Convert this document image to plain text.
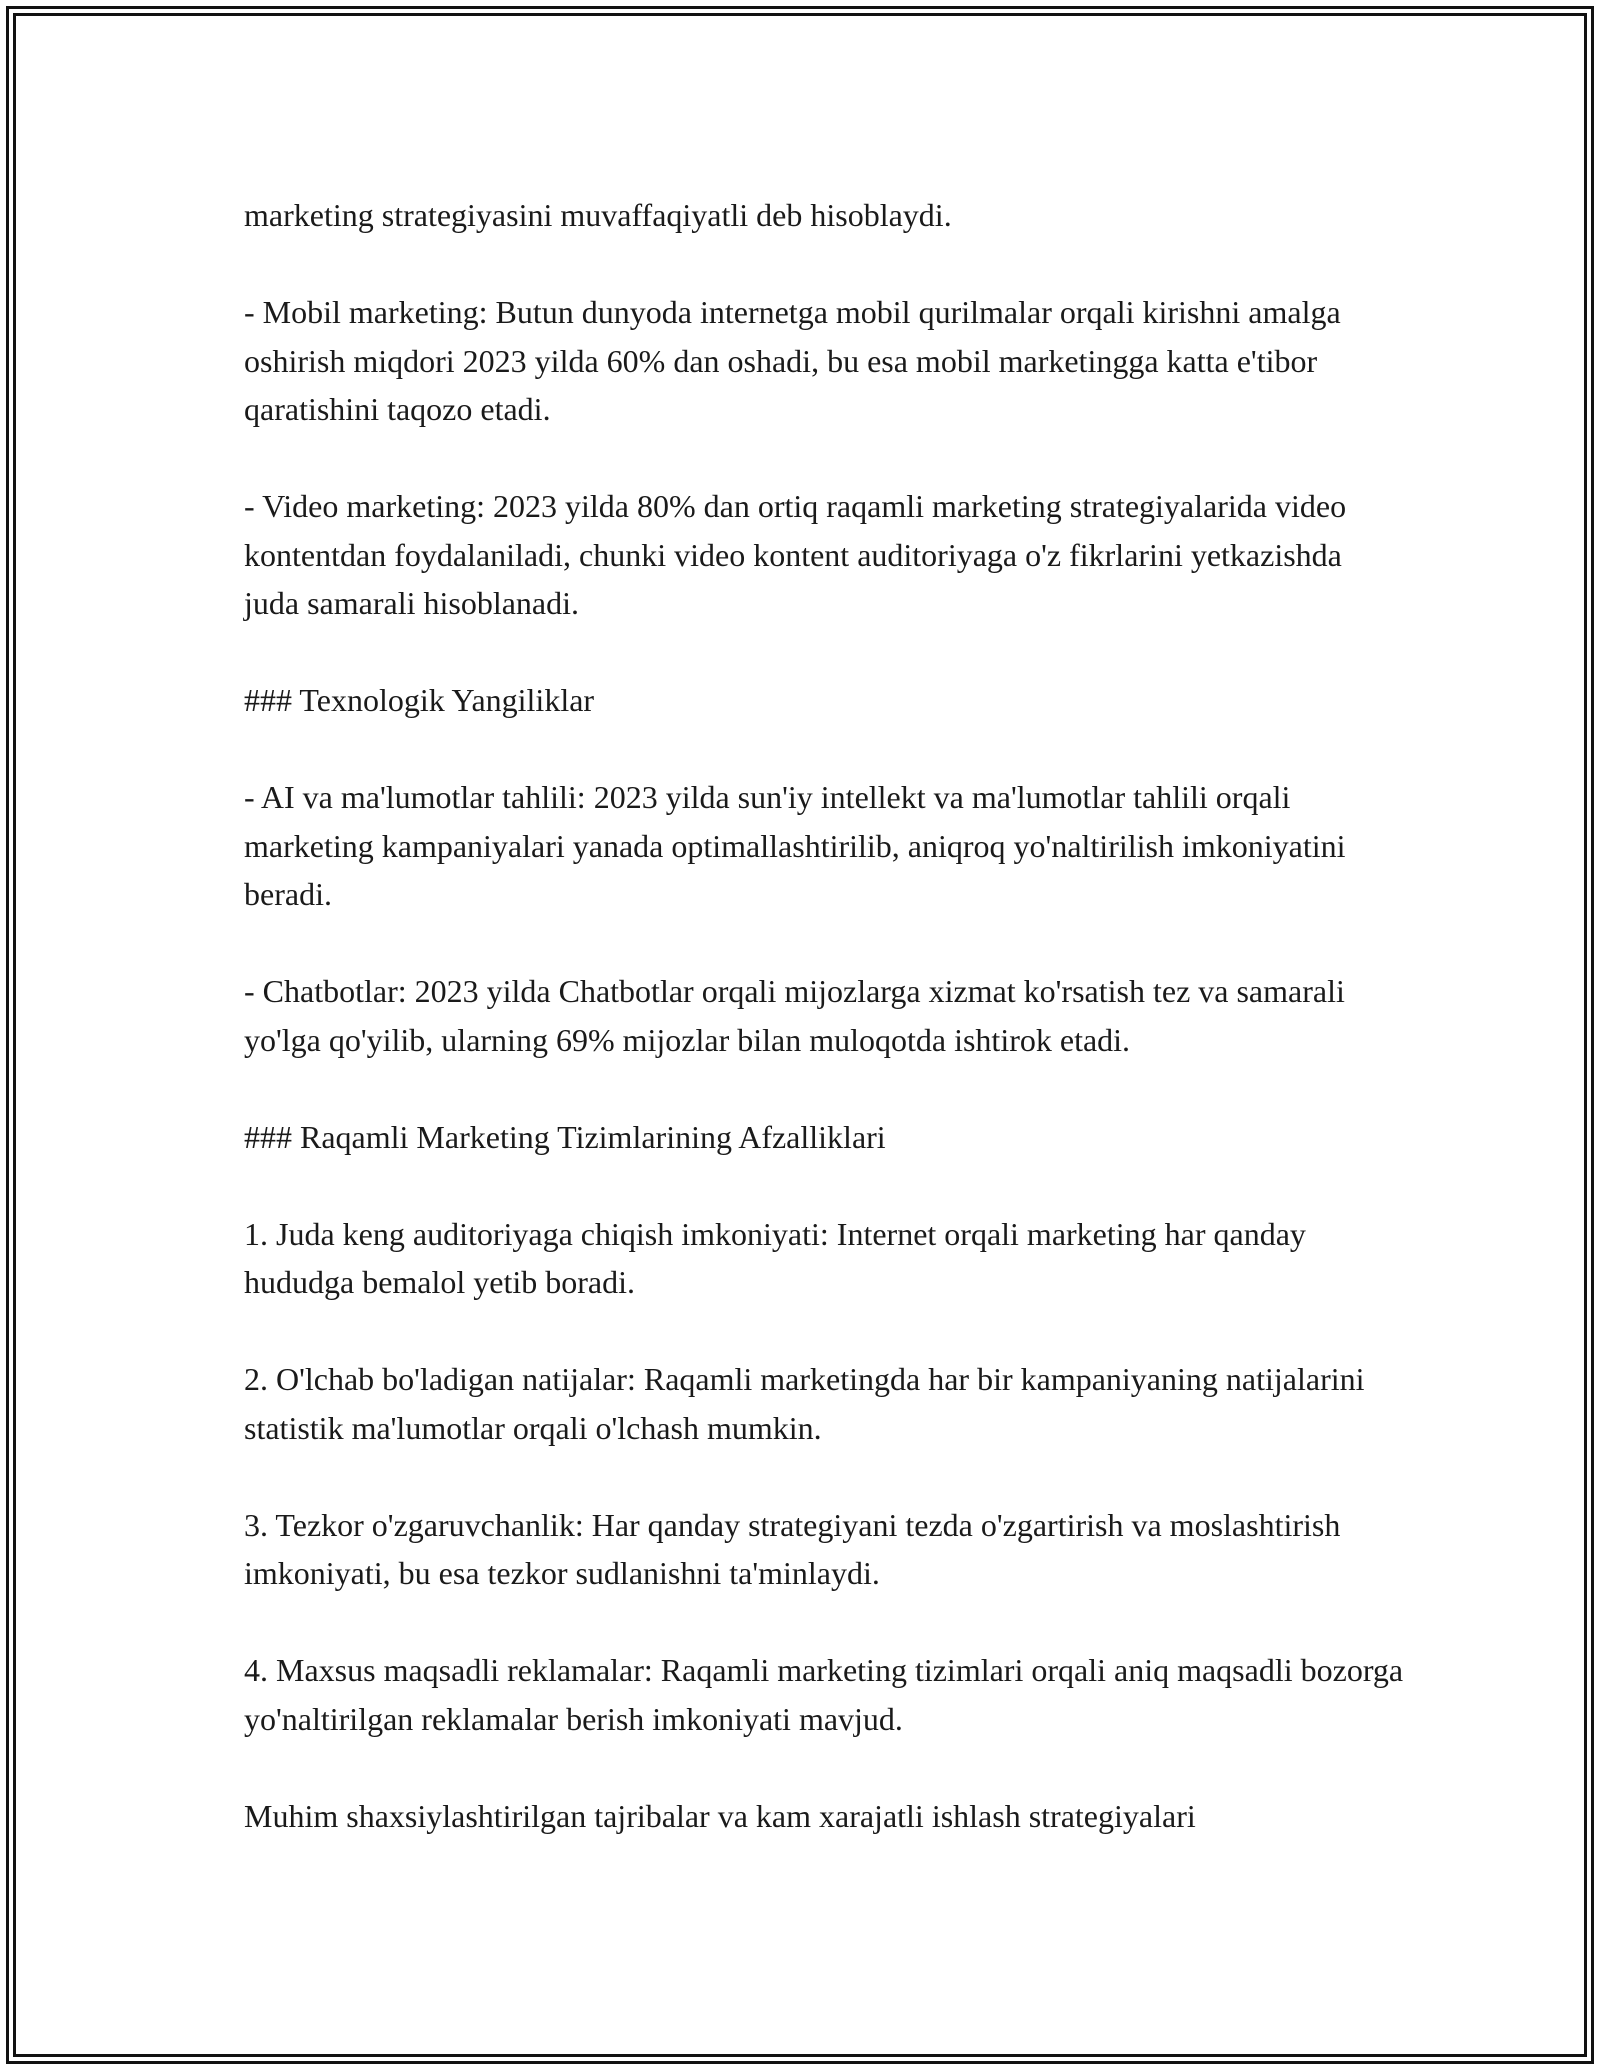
marketing strategiyasini muvaffaqiyatli deb hisoblaydi.

- Mobil marketing: Butun dunyoda internetga mobil qurilmalar orqali kirishni amalga oshirish miqdori 2023 yilda 60% dan oshadi, bu esa mobil marketingga katta e'tibor qaratishini taqozo etadi.

- Video marketing: 2023 yilda 80% dan ortiq raqamli marketing strategiyalarida video kontentdan foydalaniladi, chunki video kontent auditoriyaga o'z fikrlarini yetkazishda juda samarali hisoblanadi.

### Texnologik Yangiliklar

- AI va ma'lumotlar tahlili: 2023 yilda sun'iy intellekt va ma'lumotlar tahlili orqali marketing kampaniyalari yanada optimallashtirilib, aniqroq yo'naltirilish imkoniyatini beradi.

- Chatbotlar: 2023 yilda Chatbotlar orqali mijozlarga xizmat ko'rsatish tez va samarali yo'lga qo'yilib, ularning 69% mijozlar bilan muloqotda ishtirok etadi.

### Raqamli Marketing Tizimlarining Afzalliklari

1. Juda keng auditoriyaga chiqish imkoniyati: Internet orqali marketing har qanday hududga bemalol yetib boradi.

2. O'lchab bo'ladigan natijalar: Raqamli marketingda har bir kampaniyaning natijalarini statistik ma'lumotlar orqali o'lchash mumkin.

3. Tezkor o'zgaruvchanlik: Har qanday strategiyani tezda o'zgartirish va moslashtirish imkoniyati, bu esa tezkor sudlanishni ta'minlaydi.

4. Maxsus maqsadli reklamalar: Raqamli marketing tizimlari orqali aniq maqsadli bozorga yo'naltirilgan reklamalar berish imkoniyati mavjud.

Muhim shaxsiylashtirilgan tajribalar va kam xarajatli ishlash strategiyalari
